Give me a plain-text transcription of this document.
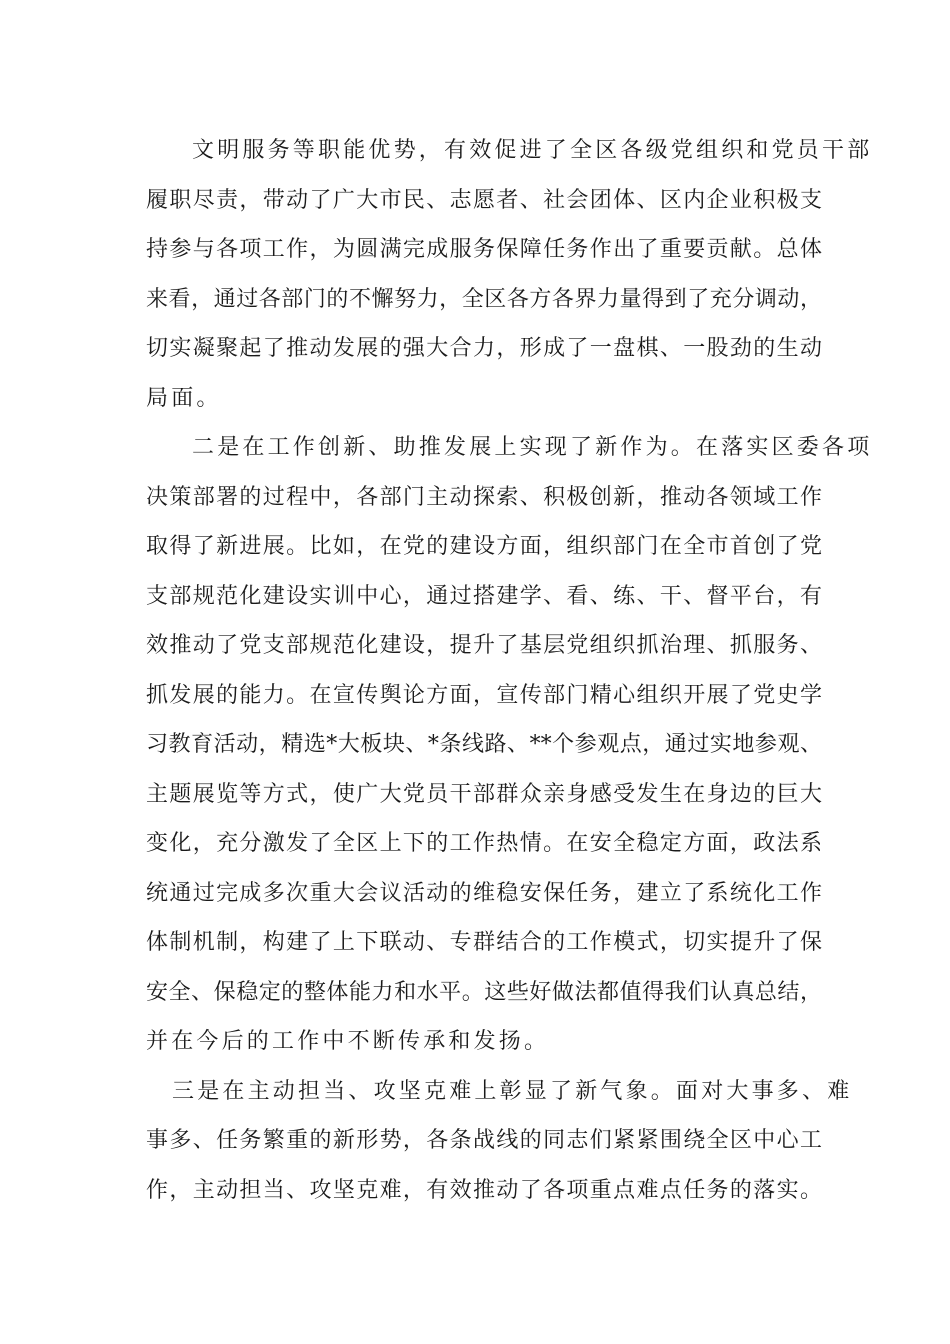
文明服务等职能优势，有效促进了全区各级党组织和党员干部
履职尽责，带动了广大市民、志愿者、社会团体、区内企业积极支
持参与各项工作，为圆满完成服务保障任务作出了重要贡献。总体
来看，通过各部门的不懈努力，全区各方各界力量得到了充分调动，
切实凝聚起了推动发展的强大合力，形成了一盘棋、一股劲的生动
局面。
二是在工作创新、助推发展上实现了新作为。在落实区委各项
决策部署的过程中，各部门主动探索、积极创新，推动各领域工作
取得了新进展。比如，在党的建设方面，组织部门在全市首创了党
支部规范化建设实训中心，通过搭建学、看、练、干、督平台，有
效推动了党支部规范化建设，提升了基层党组织抓治理、抓服务、
抓发展的能力。在宣传舆论方面，宣传部门精心组织开展了党史学
习教育活动，精选*大板块、*条线路、**个参观点，通过实地参观、
主题展览等方式，使广大党员干部群众亲身感受发生在身边的巨大
变化，充分激发了全区上下的工作热情。在安全稳定方面，政法系
统通过完成多次重大会议活动的维稳安保任务，建立了系统化工作
体制机制，构建了上下联动、专群结合的工作模式，切实提升了保
安全、保稳定的整体能力和水平。这些好做法都值得我们认真总结，
并在今后的工作中不断传承和发扬。
三是在主动担当、攻坚克难上彰显了新气象。面对大事多、难
事多、任务繁重的新形势，各条战线的同志们紧紧围绕全区中心工
作，主动担当、攻坚克难，有效推动了各项重点难点任务的落实。
